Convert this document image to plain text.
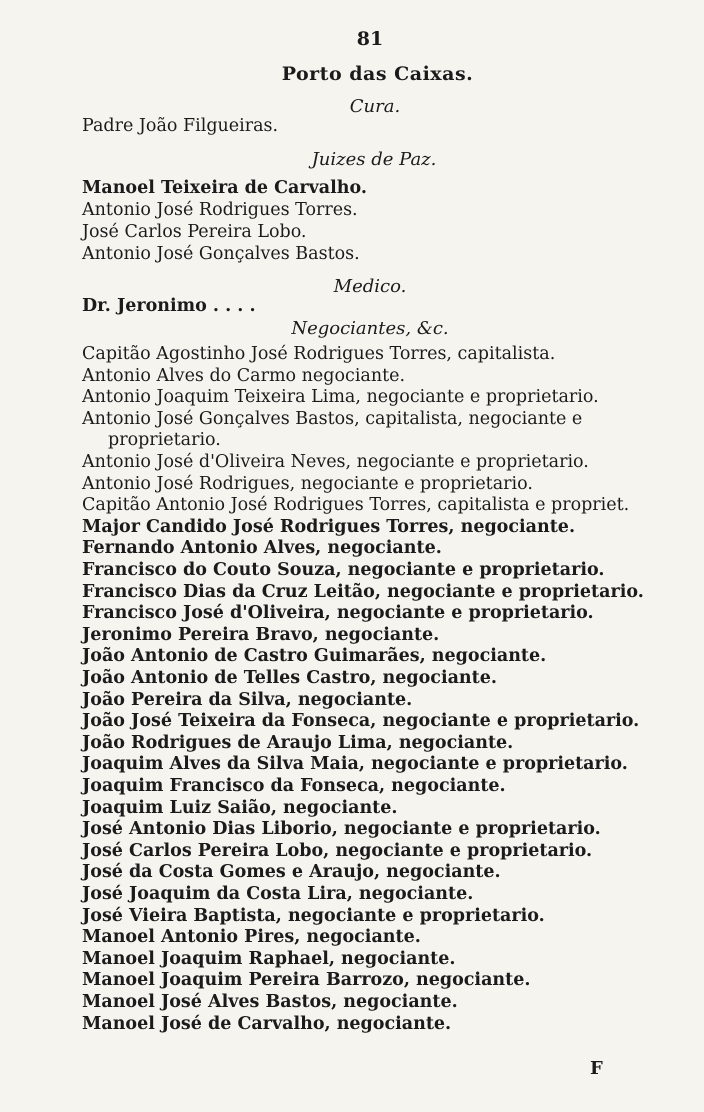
81
Porto das Caixas.
Cura.
Padre João Filgueiras.
Juizes de Paz.
Manoel Teixeira de Carvalho.
Antonio José Rodrigues Torres.
José Carlos Pereira Lobo.
Antonio José Gonçalves Bastos.
Medico.
Dr. Jeronimo . . . .
Negociantes, &c.
Capitão Agostinho José Rodrigues Torres, capitalista.
Antonio Alves do Carmo negociante.
Antonio Joaquim Teixeira Lima, negociante e proprietario.
Antonio José Gonçalves Bastos, capitalista, negociante e
proprietario.
Antonio José d'Oliveira Neves, negociante e proprietario.
Antonio José Rodrigues, negociante e proprietario.
Capitão Antonio José Rodrigues Torres, capitalista e propriet.
Major Candido José Rodrigues Torres, negociante.
Fernando Antonio Alves, negociante.
Francisco do Couto Souza, negociante e proprietario.
Francisco Dias da Cruz Leitão, negociante e proprietario.
Francisco José d'Oliveira, negociante e proprietario.
Jeronimo Pereira Bravo, negociante.
João Antonio de Castro Guimarães, negociante.
João Antonio de Telles Castro, negociante.
João Pereira da Silva, negociante.
João José Teixeira da Fonseca, negociante e proprietario.
João Rodrigues de Araujo Lima, negociante.
Joaquim Alves da Silva Maia, negociante e proprietario.
Joaquim Francisco da Fonseca, negociante.
Joaquim Luiz Saião, negociante.
José Antonio Dias Liborio, negociante e proprietario.
José Carlos Pereira Lobo, negociante e proprietario.
José da Costa Gomes e Araujo, negociante.
José Joaquim da Costa Lira, negociante.
José Vieira Baptista, negociante e proprietario.
Manoel Antonio Pires, negociante.
Manoel Joaquim Raphael, negociante.
Manoel Joaquim Pereira Barrozo, negociante.
Manoel José Alves Bastos, negociante.
Manoel José de Carvalho, negociante.
F
